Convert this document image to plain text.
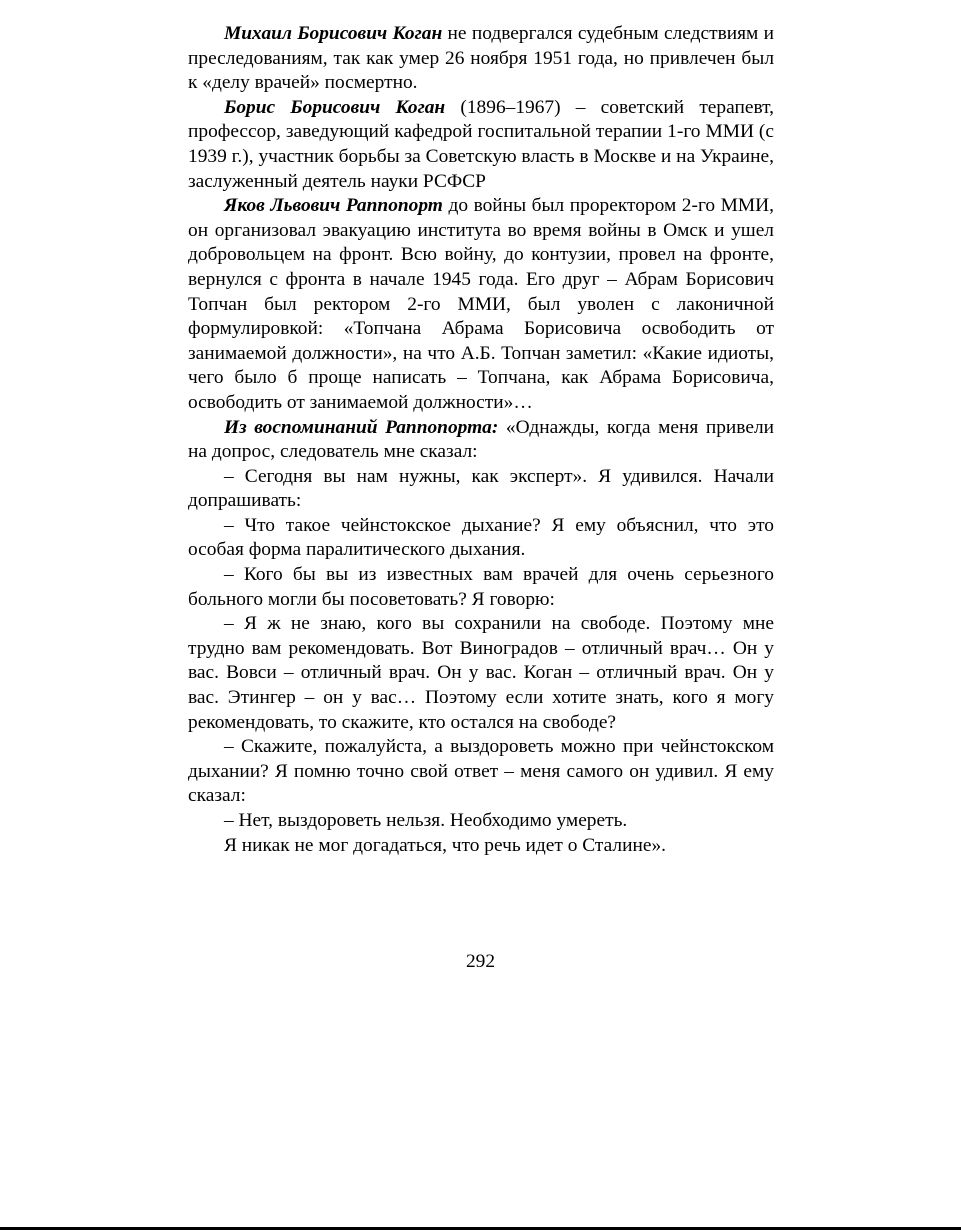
Михаил Борисович Коган не подвергался судебным следствиям и преследованиям, так как умер 26 ноября 1951 года, но привлечен был к «делу врачей» посмертно.

Борис Борисович Коган (1896–1967) – советский терапевт, профессор, заведующий кафедрой госпитальной терапии 1-го ММИ (с 1939 г.), участник борьбы за Советскую власть в Москве и на Украине, заслуженный деятель науки РСФСР

Яков Львович Раппопорт до войны был проректором 2-го ММИ, он организовал эвакуацию института во время войны в Омск и ушел добровольцем на фронт. Всю войну, до контузии, провел на фронте, вернулся с фронта в начале 1945 года. Его друг – Абрам Борисович Топчан был ректором 2-го ММИ, был уволен с лаконичной формулировкой: «Топчана Абрама Борисовича освободить от занимаемой должности», на что А.Б. Топчан заметил: «Какие идиоты, чего было б проще написать – Топчана, как Абрама Борисовича, освободить от занимаемой должности»…

Из воспоминаний Раппопорта: «Однажды, когда меня привели на допрос, следователь мне сказал:

– Сегодня вы нам нужны, как эксперт». Я удивился. Начали допрашивать:

– Что такое чейнстокское дыхание? Я ему объяснил, что это особая форма паралитического дыхания.

– Кого бы вы из известных вам врачей для очень серьезного больного могли бы посоветовать? Я говорю:

– Я ж не знаю, кого вы сохранили на свободе. Поэтому мне трудно вам рекомендовать. Вот Виноградов – отличный врач… Он у вас. Вовси – отличный врач. Он у вас. Коган – отличный врач. Он у вас. Этингер – он у вас… Поэтому если хотите знать, кого я могу рекомендовать, то скажите, кто остался на свободе?

– Скажите, пожалуйста, а выздороветь можно при чейнстокском дыхании? Я помню точно свой ответ – меня самого он удивил. Я ему сказал:

– Нет, выздороветь нельзя. Необходимо умереть.

Я никак не мог догадаться, что речь идет о Сталине».

292
